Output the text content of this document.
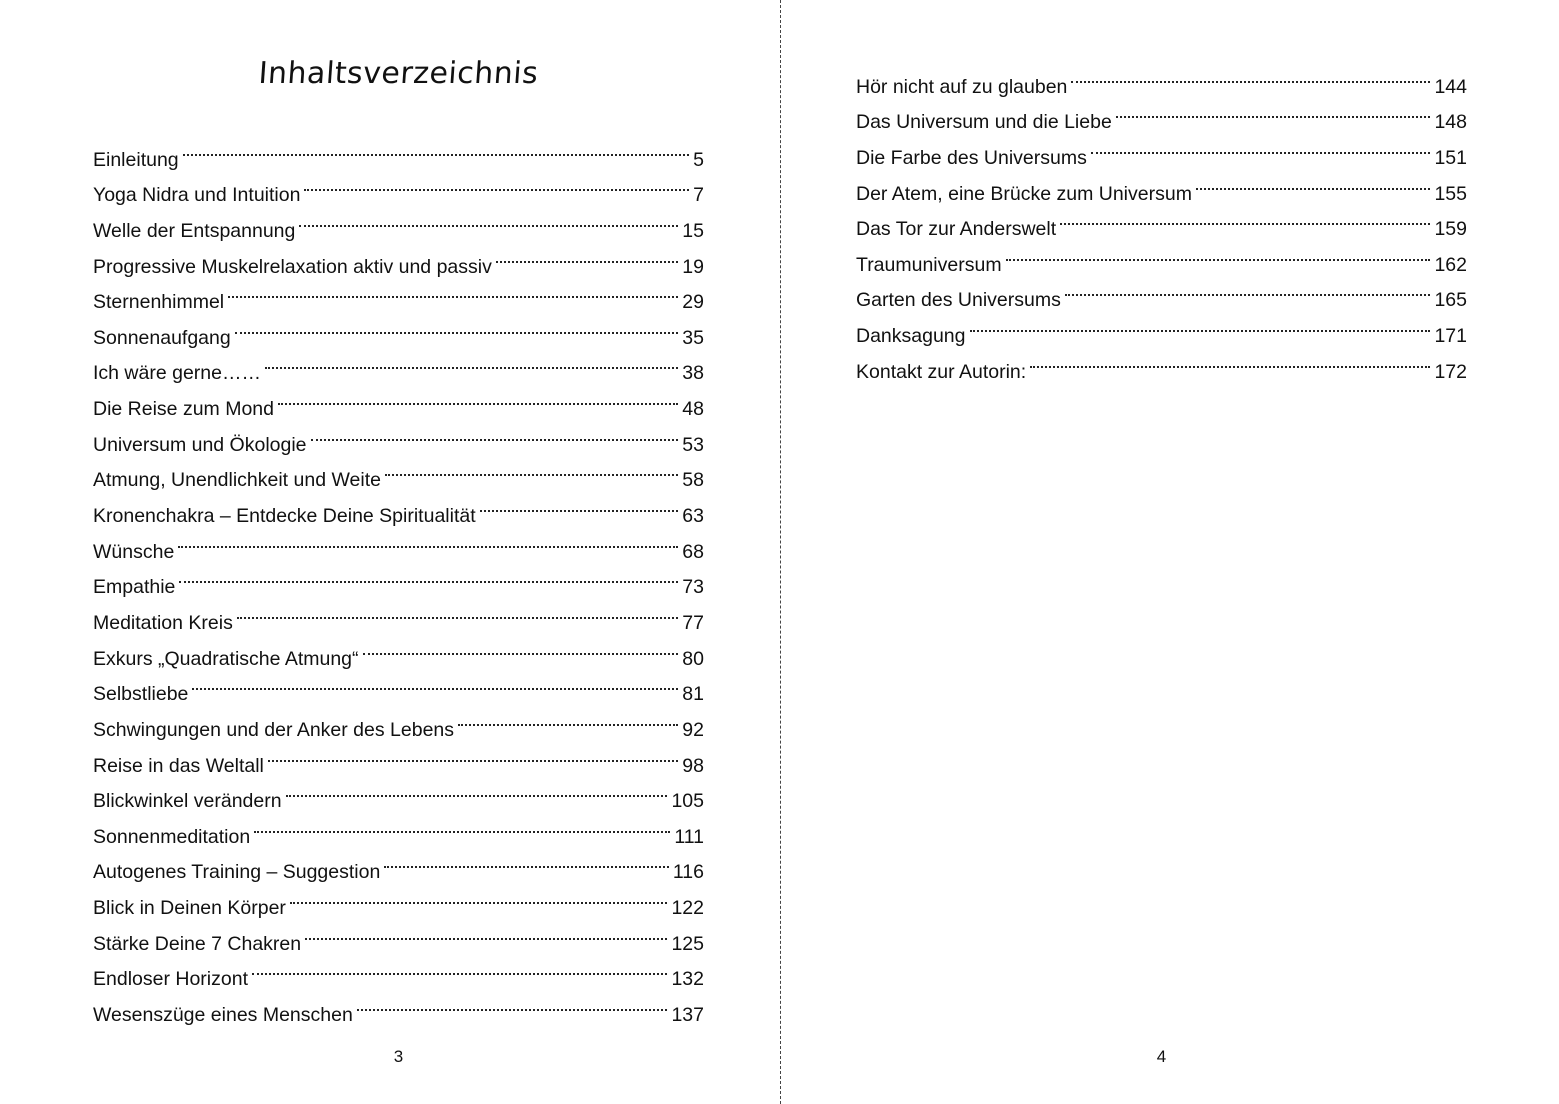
Inhaltsverzeichnis
Einleitung	5
Yoga Nidra und Intuition	7
Welle der Entspannung	15
Progressive Muskelrelaxation aktiv und passiv	19
Sternenhimmel	29
Sonnenaufgang	35
Ich wäre gerne……	38
Die Reise zum Mond	48
Universum und Ökologie	53
Atmung, Unendlichkeit und Weite	58
Kronenchakra – Entdecke Deine Spiritualität	63
Wünsche	68
Empathie	73
Meditation Kreis	77
Exkurs „Quadratische Atmung“	80
Selbstliebe	81
Schwingungen und der Anker des Lebens	92
Reise in das Weltall	98
Blickwinkel verändern	105
Sonnenmeditation	111
Autogenes Training – Suggestion	116
Blick in Deinen Körper	122
Stärke Deine 7 Chakren	125
Endloser Horizont	132
Wesenszüge eines Menschen	137
3
Hör nicht auf zu glauben	144
Das Universum und die Liebe	148
Die Farbe des Universums	151
Der Atem, eine Brücke zum Universum	155
Das Tor zur Anderswelt	159
Traumuniversum	162
Garten des Universums	165
Danksagung	171
Kontakt zur Autorin:	172
4
